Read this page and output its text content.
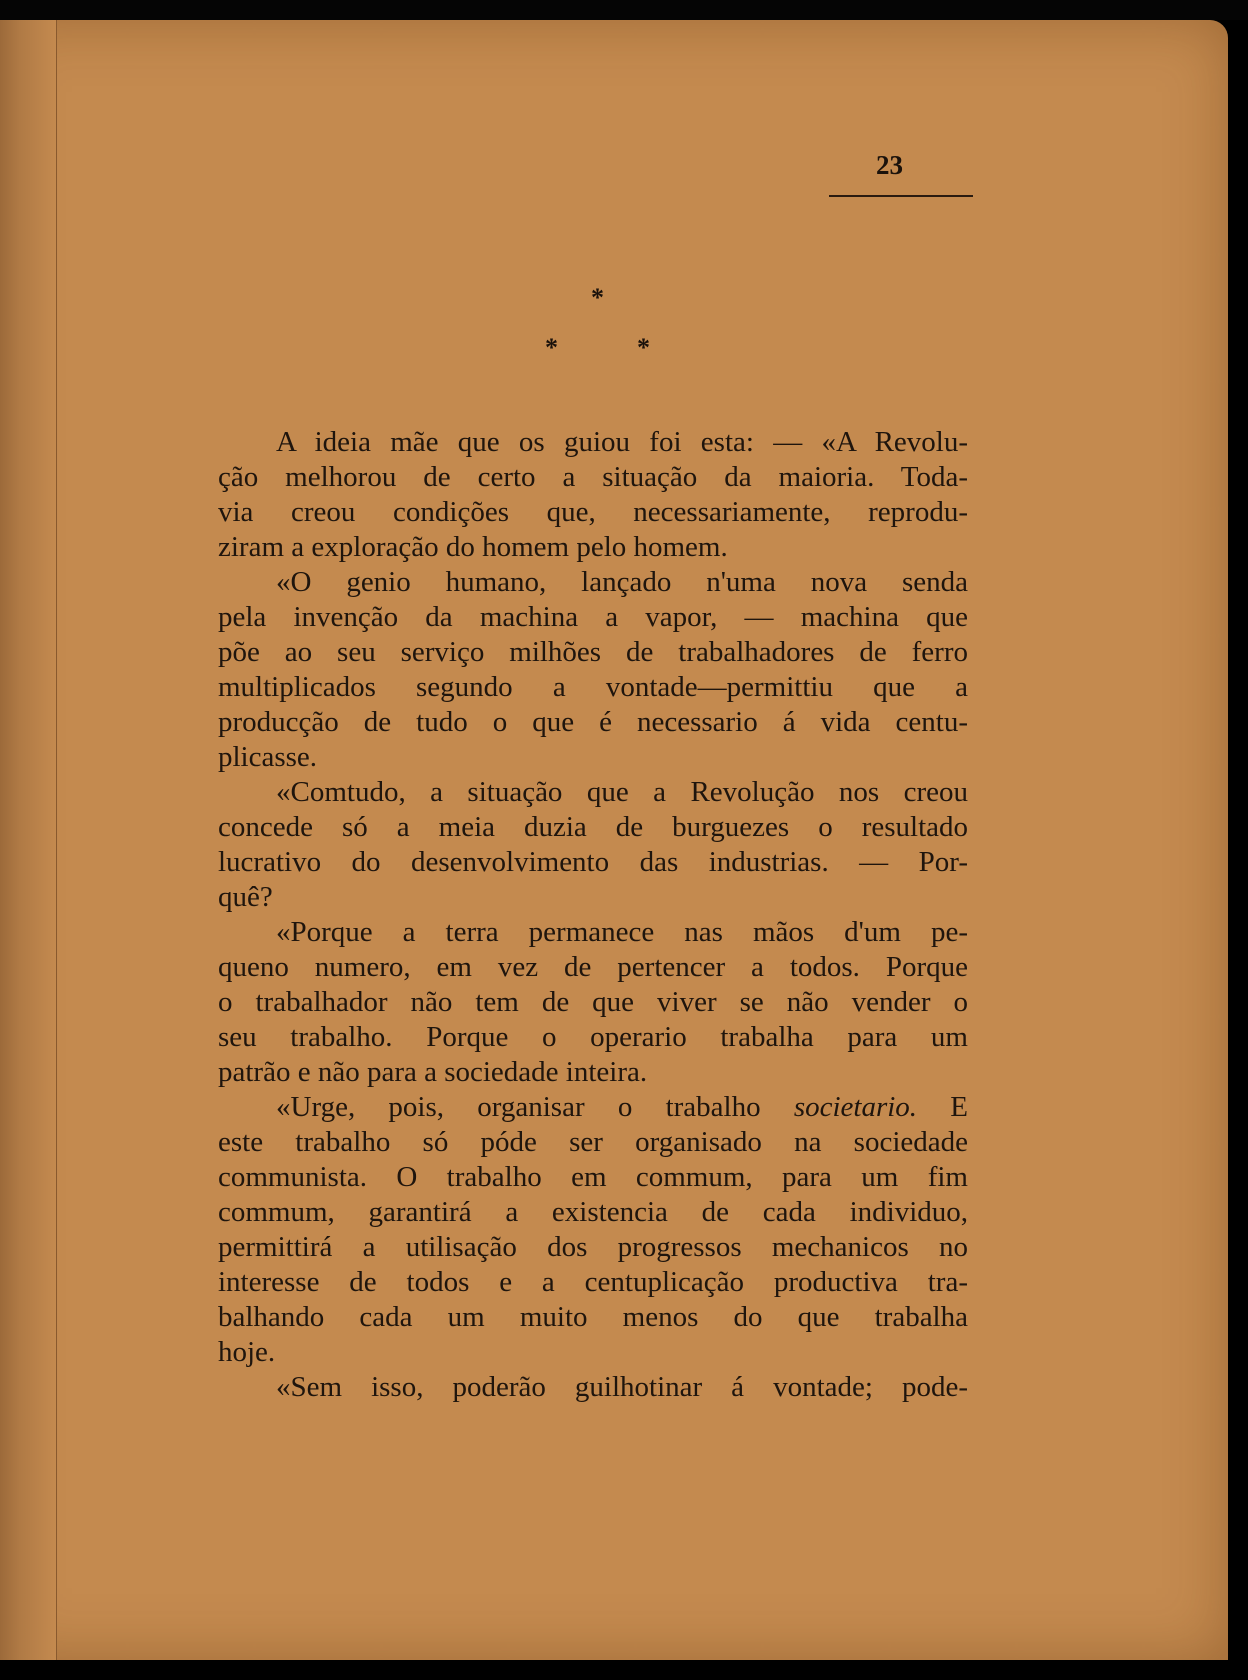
23
*
*	*
A ideia mãe que os guiou foi esta: — «A Revolu-
ção melhorou de certo a situação da maioria. Toda-
via creou condições que, necessariamente, reprodu-
ziram a exploração do homem pelo homem.
«O genio humano, lançado n'uma nova senda
pela invenção da machina a vapor, — machina que
põe ao seu serviço milhões de trabalhadores de ferro
multiplicados segundo a vontade—permittiu que a
producção de tudo o que é necessario á vida centu-
plicasse.
«Comtudo, a situação que a Revolução nos creou
concede só a meia duzia de burguezes o resultado
lucrativo do desenvolvimento das industrias. — Por-
quê?
«Porque a terra permanece nas mãos d'um pe-
queno numero, em vez de pertencer a todos. Porque
o trabalhador não tem de que viver se não vender o
seu trabalho. Porque o operario trabalha para um
patrão e não para a sociedade inteira.
«Urge, pois, organisar o trabalho societario. E
este trabalho só póde ser organisado na sociedade
communista. O trabalho em commum, para um fim
commum, garantirá a existencia de cada individuo,
permittirá a utilisação dos progressos mechanicos no
interesse de todos e a centuplicação productiva tra-
balhando cada um muito menos do que trabalha
hoje.
«Sem isso, poderão guilhotinar á vontade; pode-
